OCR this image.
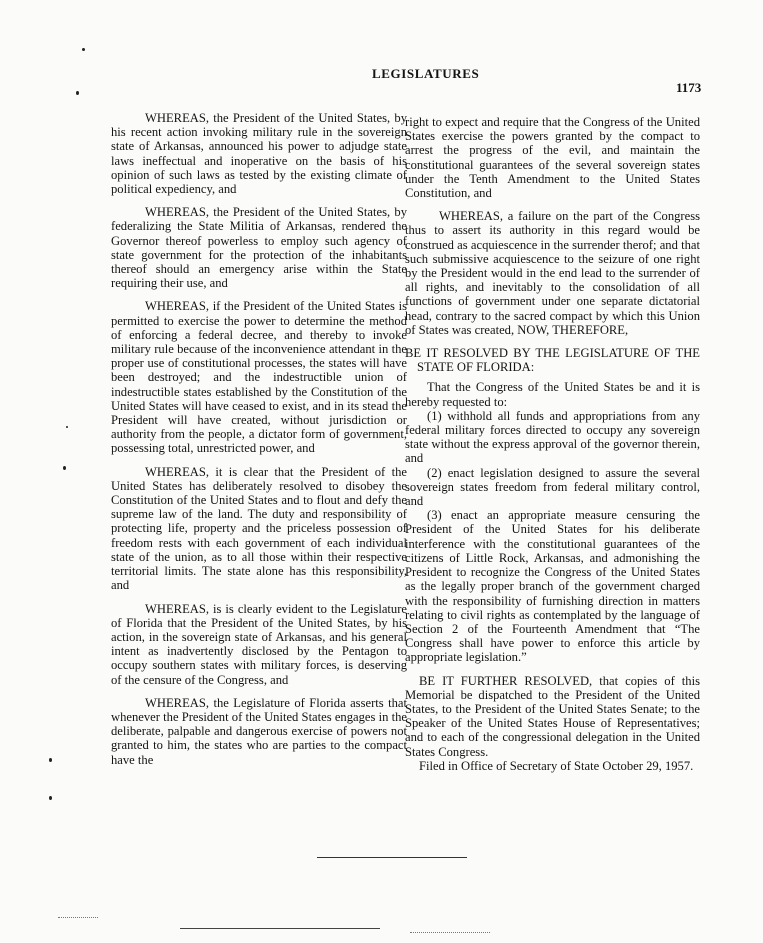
LEGISLATURES
1173

WHEREAS, the President of the United States, by his recent action invoking military rule in the sovereign state of Arkansas, announced his power to adjudge state laws ineffectual and inoperative on the basis of his opinion of such laws as tested by the existing climate of political expediency, and

WHEREAS, the President of the United States, by federalizing the State Militia of Arkansas, rendered the Governor thereof powerless to employ such agency of state government for the protection of the inhabitants thereof should an emergency arise within the State requiring their use, and

WHEREAS, if the President of the United States is permitted to exercise the power to determine the method of enforcing a federal decree, and thereby to invoke military rule because of the inconvenience attendant in the proper use of constitutional processes, the states will have been destroyed; and the indestructible union of indestructible states established by the Constitution of the United States will have ceased to exist, and in its stead the President will have created, without jurisdiction or authority from the people, a dictator form of government, possessing total, unrestricted power, and

WHEREAS, it is clear that the President of the United States has deliberately resolved to disobey the Constitution of the United States and to flout and defy the supreme law of the land. The duty and responsibility of protecting life, property and the priceless possession of freedom rests with each government of each individual state of the union, as to all those within their respective territorial limits. The state alone has this responsibility, and

WHEREAS, is is clearly evident to the Legislature of Florida that the President of the United States, by his action, in the sovereign state of Arkansas, and his general intent as inadvertently disclosed by the Pentagon to occupy southern states with military forces, is deserving of the censure of the Congress, and

WHEREAS, the Legislature of Florida asserts that whenever the President of the United States engages in the deliberate, palpable and dangerous exercise of powers not granted to him, the states who are parties to the compact have the

right to expect and require that the Congress of the United States exercise the powers granted by the compact to arrest the progress of the evil, and maintain the constitutional guarantees of the several sovereign states under the Tenth Amendment to the United States Constitution, and

WHEREAS, a failure on the part of the Congress thus to assert its authority in this regard would be construed as acquiescence in the surrender therof; and that such submissive acquiescence to the seizure of one right by the President would in the end lead to the surrender of all rights, and inevitably to the consolidation of all functions of government under one separate dictatorial head, contrary to the sacred compact by which this Union of States was created, NOW, THEREFORE,

BE IT RESOLVED BY THE LEGISLATURE OF THE STATE OF FLORIDA:

That the Congress of the United States be and it is hereby requested to:

(1) withhold all funds and appropriations from any federal military forces directed to occupy any sovereign state without the express approval of the governor therein, and

(2) enact legislation designed to assure the several sovereign states freedom from federal military control, and

(3) enact an appropriate measure censuring the President of the United States for his deliberate interference with the constitutional guarantees of the citizens of Little Rock, Arkansas, and admonishing the President to recognize the Congress of the United States as the legally proper branch of the government charged with the responsibility of furnishing direction in matters relating to civil rights as contemplated by the language of Section 2 of the Fourteenth Amendment that “The Congress shall have power to enforce this article by appropriate legislation.”

BE IT FURTHER RESOLVED, that copies of this Memorial be dispatched to the President of the United States, to the President of the United States Senate; to the Speaker of the United States House of Representatives; and to each of the congressional delegation in the United States Congress.

Filed in Office of Secretary of State October 29, 1957.
